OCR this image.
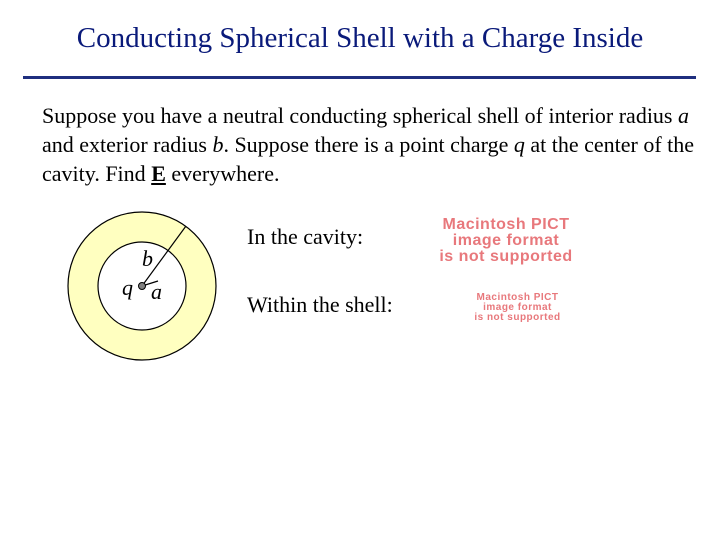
Conducting Spherical Shell with a Charge Inside
Suppose you have a neutral conducting spherical shell of interior radius a and exterior radius b. Suppose there is a point charge q at the center of the cavity. Find E everywhere.
b
q a
In the cavity:	Macintosh PICT
image format
is not supported
Within the shell:	Macintosh PICT
image format
is not supported
